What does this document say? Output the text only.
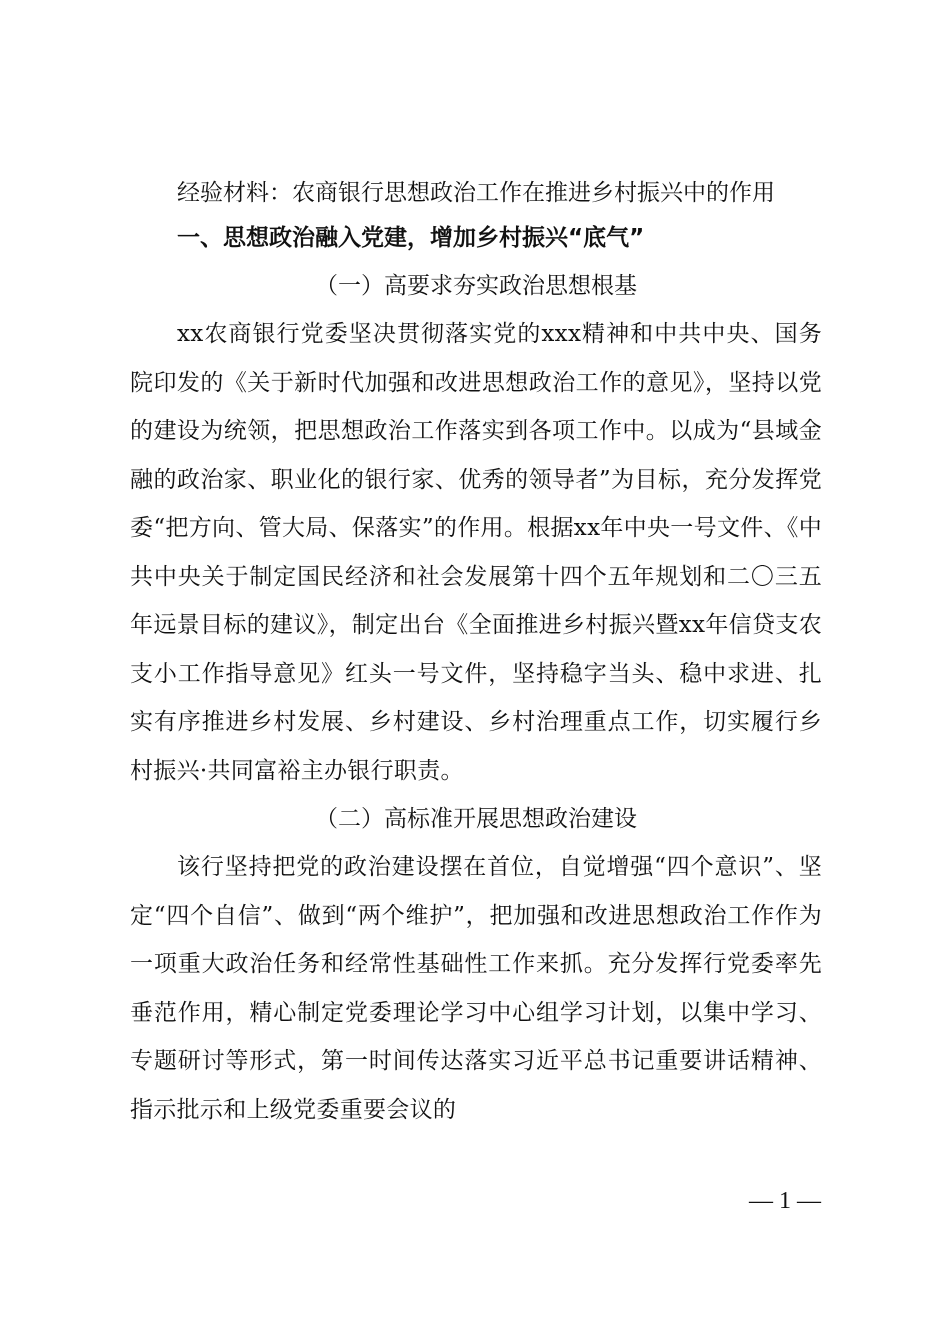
经验材料：农商银行思想政治工作在推进乡村振兴中的作用

一、思想政治融入党建，增加乡村振兴“底气”

（一）高要求夯实政治思想根基

xx农商银行党委坚决贯彻落实党的xxx精神和中共中央、国务院印发的《关于新时代加强和改进思想政治工作的意见》，坚持以党的建设为统领，把思想政治工作落实到各项工作中。以成为“县域金融的政治家、职业化的银行家、优秀的领导者”为目标，充分发挥党委“把方向、管大局、保落实”的作用。根据xx年中央一号文件、《中共中央关于制定国民经济和社会发展第十四个五年规划和二〇三五年远景目标的建议》，制定出台《全面推进乡村振兴暨xx年信贷支农支小工作指导意见》红头一号文件，坚持稳字当头、稳中求进、扎实有序推进乡村发展、乡村建设、乡村治理重点工作，切实履行乡村振兴·共同富裕主办银行职责。

（二）高标准开展思想政治建设

该行坚持把党的政治建设摆在首位，自觉增强“四个意识”、坚定“四个自信”、做到“两个维护”，把加强和改进思想政治工作作为一项重大政治任务和经常性基础性工作来抓。充分发挥行党委率先垂范作用，精心制定党委理论学习中心组学习计划，以集中学习、专题研讨等形式，第一时间传达落实习近平总书记重要讲话精神、指示批示和上级党委重要会议的

— 1 —
